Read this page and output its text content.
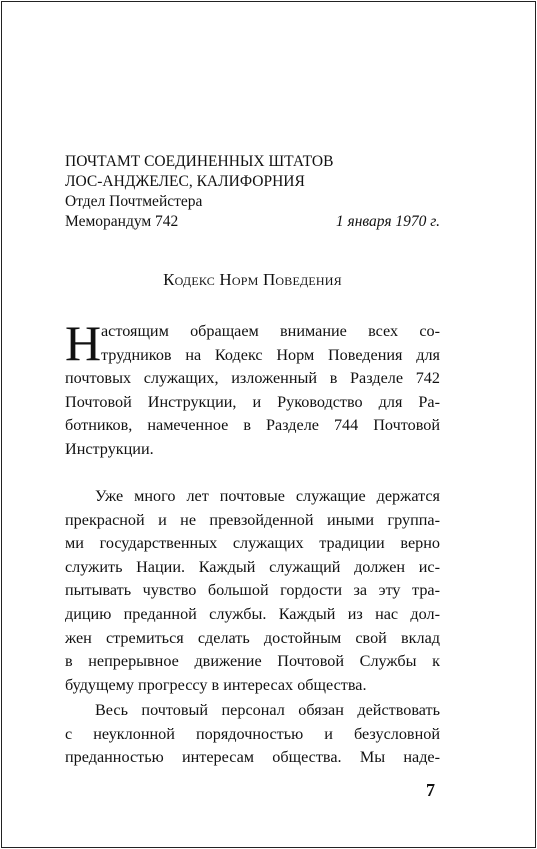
ПОЧТАМТ СОЕДИНЕННЫХ ШТАТОВ
ЛОС-АНДЖЕЛЕС, КАЛИФОРНИЯ
Отдел Почтмейстера
Меморандум 742	1 января 1970 г.
Кодекс Норм Поведения
Н астоящим обращаем внимание всех со-
трудников на Кодекс Норм Поведения для
почтовых служащих, изложенный в Разделе 742
Почтовой Инструкции, и Руководство для Ра-
ботников, намеченное в Разделе 744 Почтовой
Инструкции.
Уже много лет почтовые служащие держатся
прекрасной и не превзойденной иными группа-
ми государственных служащих традиции верно
служить Нации. Каждый служащий должен ис-
пытывать чувство большой гордости за эту тра-
дицию преданной службы. Каждый из нас дол-
жен стремиться сделать достойным свой вклад
в непрерывное движение Почтовой Службы к
будущему прогрессу в интересах общества.
Весь почтовый персонал обязан действовать
с неуклонной порядочностью и безусловной
преданностью интересам общества. Мы наде-
7
